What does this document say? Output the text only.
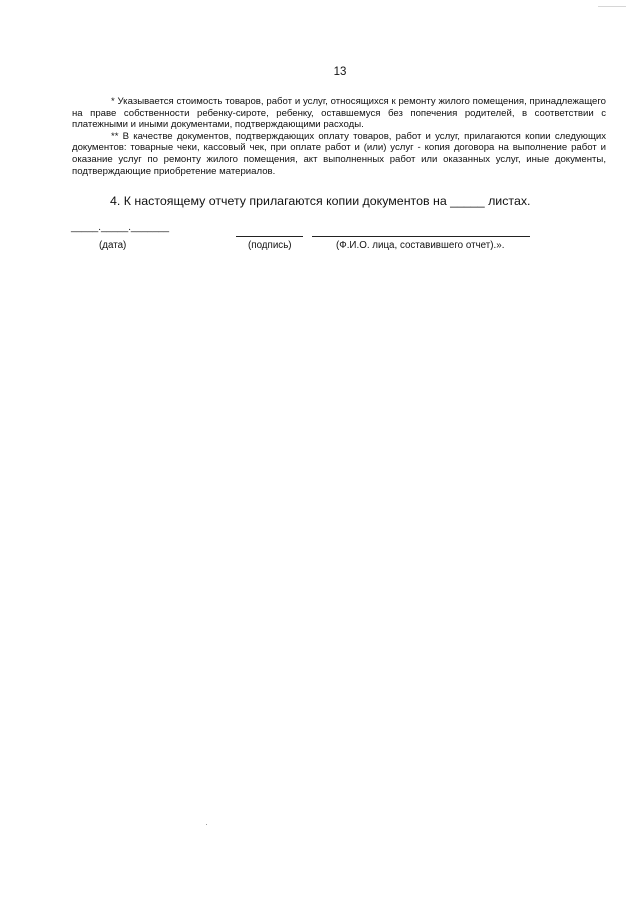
13

* Указывается стоимость товаров, работ и услуг, относящихся к ремонту жилого помещения, принадлежащего на праве собственности ребенку-сироте, ребенку, оставшемуся без попечения родителей, в соответствии с платежными и иными документами, подтверждающими расходы.

** В качестве документов, подтверждающих оплату товаров, работ и услуг, прилагаются копии следующих документов: товарные чеки, кассовый чек, при оплате работ и (или) услуг - копия договора на выполнение работ и оказание услуг по ремонту жилого помещения, акт выполненных работ или оказанных услуг, иные документы, подтверждающие приобретение материалов.

4. К настоящему отчету прилагаются копии документов на _____ листах.
_____._____._______
(дата)	(подпись)	(Ф.И.О. лица, составившего отчет).».
